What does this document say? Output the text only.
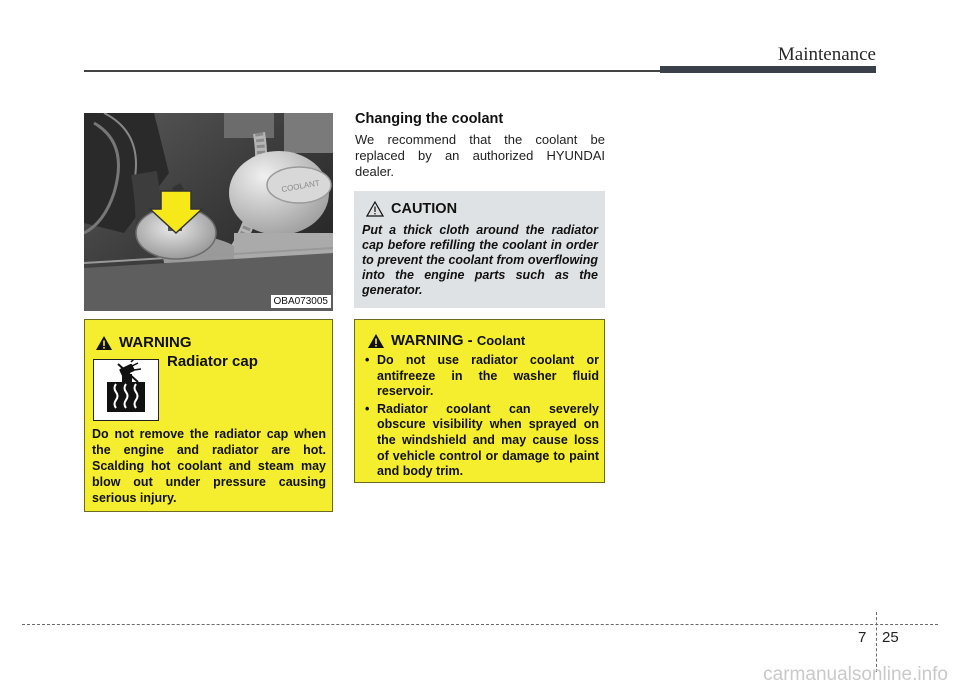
Maintenance
COOLANT
OBA073005
WARNING
Radiator cap
Do not remove the radiator cap when the engine and radiator are hot. Scalding hot coolant and steam may blow out under pressure causing serious injury.
Changing the coolant
We recommend that the coolant be replaced by an authorized HYUNDAI dealer.
CAUTION
Put a thick cloth around the radiator cap before refilling the coolant in order to prevent the coolant from overflowing into the engine parts such as the generator.
WARNING - Coolant
• Do not use radiator coolant or antifreeze in the washer fluid reservoir.
• Radiator coolant can severely obscure visibility when sprayed on the windshield and may cause loss of vehicle control or damage to paint and body trim.
7 25
carmanualsonline.info
